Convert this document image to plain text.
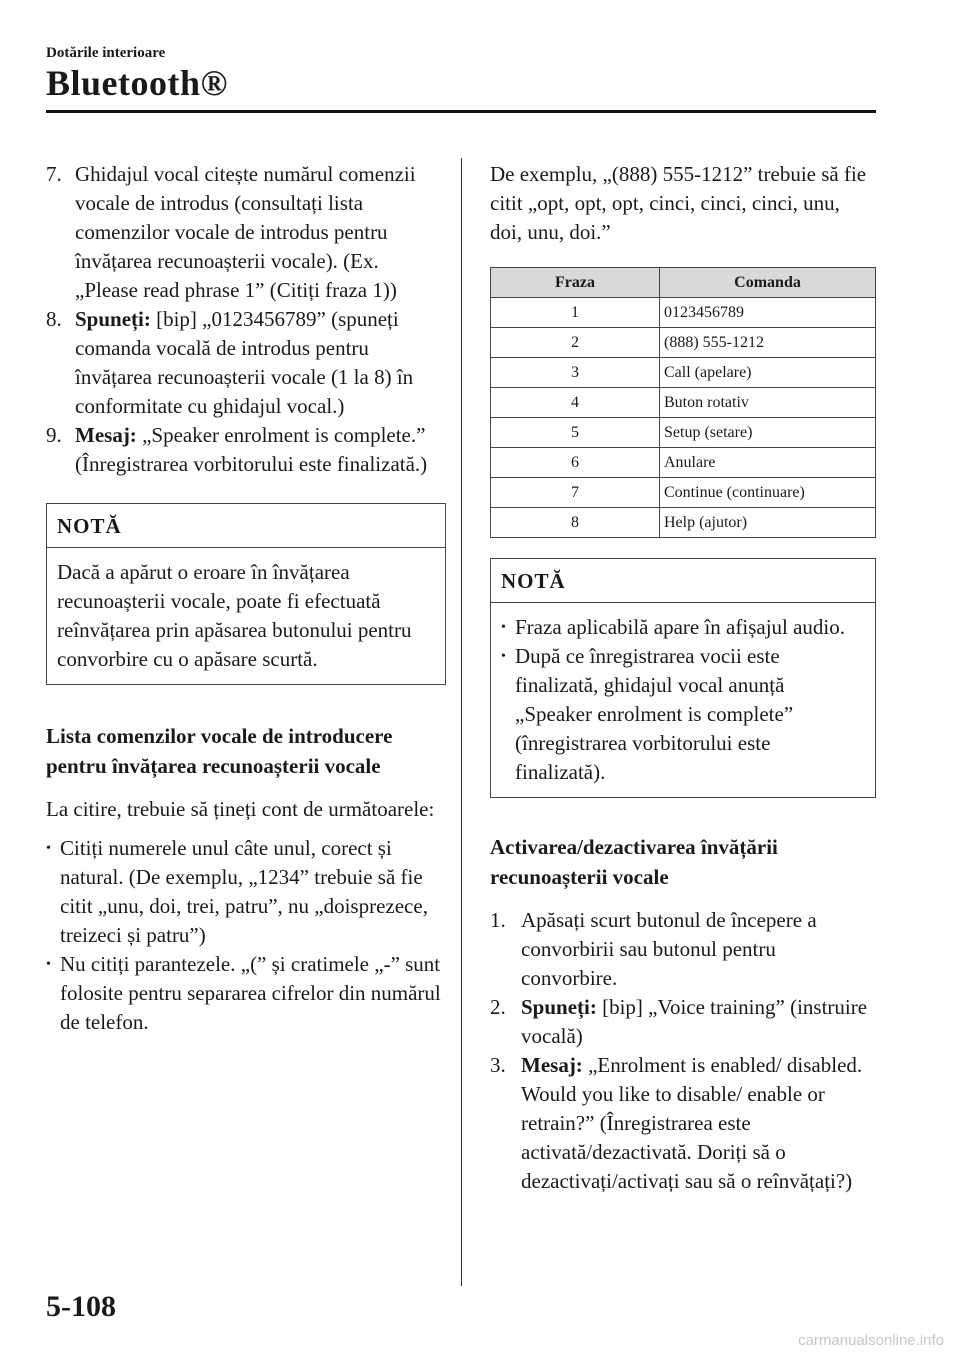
Dotările interioare
Bluetooth®
7. Ghidajul vocal citește numărul comenzii vocale de introdus (consultați lista comenzilor vocale de introdus pentru învățarea recunoașterii vocale). (Ex. „Please read phrase 1” (Citiți fraza 1))
8. Spuneți: [bip] „0123456789” (spuneți comanda vocală de introdus pentru învățarea recunoașterii vocale (1 la 8) în conformitate cu ghidajul vocal.)
9. Mesaj: „Speaker enrolment is complete.” (Înregistrarea vorbitorului este finalizată.)
NOTĂ
Dacă a apărut o eroare în învățarea recunoașterii vocale, poate fi efectuată reînvățarea prin apăsarea butonului pentru convorbire cu o apăsare scurtă.
Lista comenzilor vocale de introducere pentru învățarea recunoașterii vocale
La citire, trebuie să țineți cont de următoarele:
• Citiți numerele unul câte unul, corect și natural. (De exemplu, „1234” trebuie să fie citit „unu, doi, trei, patru”, nu „doisprezece, treizeci și patru”)
• Nu citiți parantezele. „(” și cratimele „-” sunt folosite pentru separarea cifrelor din numărul de telefon.
De exemplu, „(888) 555-1212” trebuie să fie citit „opt, opt, opt, cinci, cinci, cinci, unu, doi, unu, doi.”
Fraza	Comanda
1	0123456789
2	(888) 555-1212
3	Call (apelare)
4	Buton rotativ
5	Setup (setare)
6	Anulare
7	Continue (continuare)
8	Help (ajutor)
NOTĂ
• Fraza aplicabilă apare în afișajul audio.
• După ce înregistrarea vocii este finalizată, ghidajul vocal anunță „Speaker enrolment is complete” (înregistrarea vorbitorului este finalizată).
Activarea/dezactivarea învățării recunoașterii vocale
1. Apăsați scurt butonul de începere a convorbirii sau butonul pentru convorbire.
2. Spuneți: [bip] „Voice training” (instruire vocală)
3. Mesaj: „Enrolment is enabled/ disabled. Would you like to disable/ enable or retrain?” (Înregistrarea este activată/dezactivată. Doriți să o dezactivați/activați sau să o reînvățați?)
5-108
carmanualsonline.info
